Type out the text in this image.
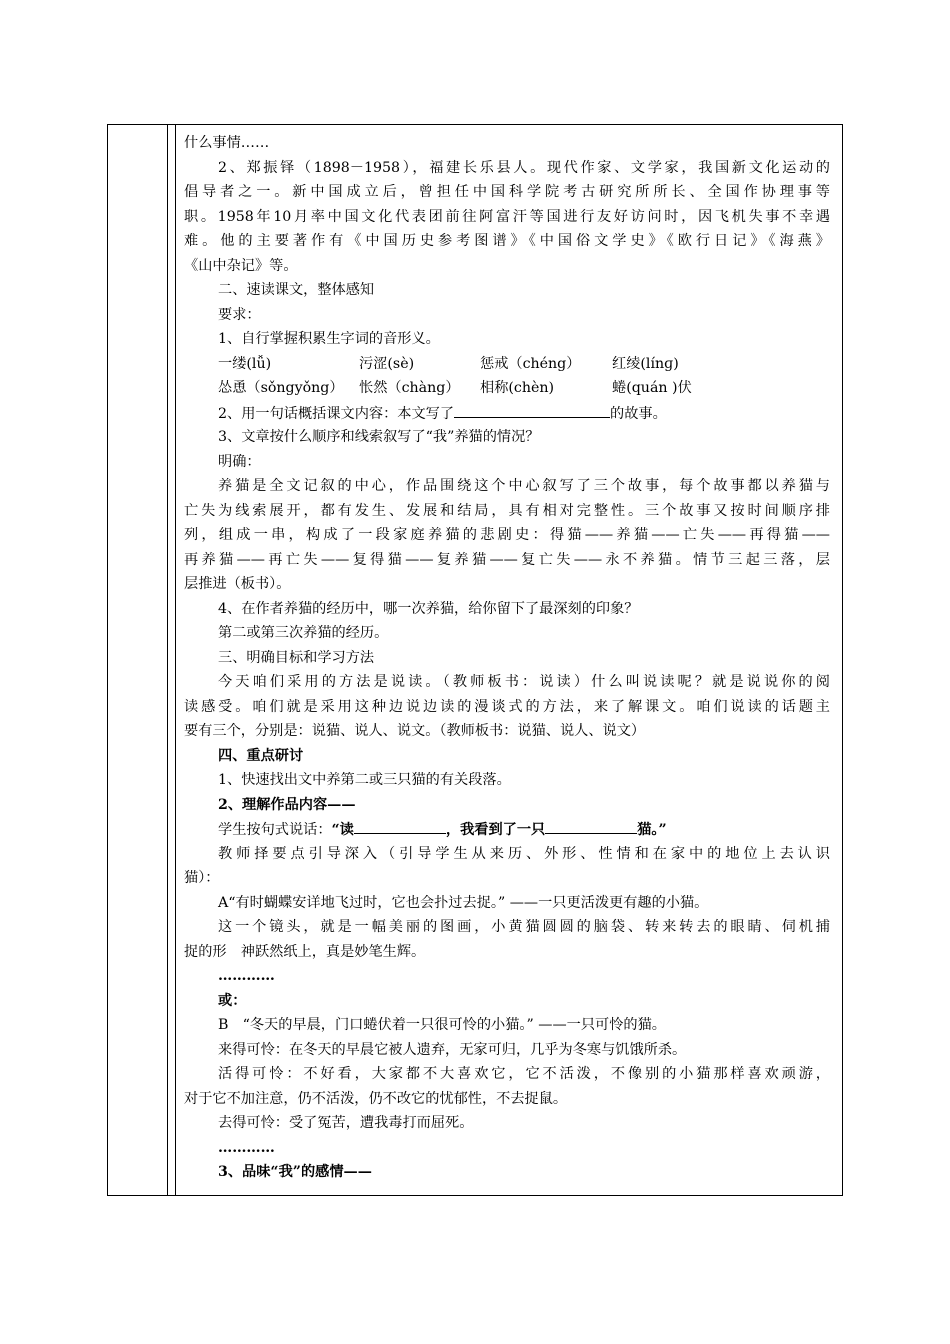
什么事情……
2、郑振铎（1898－1958），福建长乐县人。现代作家、文学家，我国新文化运动的
倡导者之一。新中国成立后，曾担任中国科学院考古研究所所长、全国作协理事等
职。1958年10月率中国文化代表团前往阿富汗等国进行友好访问时，因飞机失事不幸遇
难。他的主要著作有《中国历史参考图谱》《中国俗文学史》《欧行日记》《海燕》
《山中杂记》等。
二、速读课文，整体感知
要求：
1、自行掌握积累生字词的音形义。
一缕(lǚ)	污涩(sè)	惩戒（chéng） 红绫(línɡ)
怂恿（sǒngyǒng） 怅然（chàng） 相称(chèn)	蜷(quán )伏
2、用一句话概括课文内容：本文写了	的故事。
3、文章按什么顺序和线索叙写了“我”养猫的情况？
明确：
养猫是全文记叙的中心，作品围绕这个中心叙写了三个故事，每个故事都以养猫与
亡失为线索展开，都有发生、发展和结局，具有相对完整性。三个故事又按时间顺序排
列，组成一串，构成了一段家庭养猫的悲剧史：得猫——养猫——亡失——再得猫——
再养猫——再亡失——复得猫——复养猫——复亡失——永不养猫。情节三起三落，层
层推进（板书）。
4、在作者养猫的经历中，哪一次养猫，给你留下了最深刻的印象？
第二或第三次养猫的经历。
三、明确目标和学习方法
今天咱们采用的方法是说读。（教师板书：说读）什么叫说读呢？就是说说你的阅
读感受。咱们就是采用这种边说边读的漫谈式的方法，来了解课文。咱们说读的话题主
要有三个，分别是：说猫、说人、说文。（教师板书：说猫、说人、说文）
四、重点研讨
1、快速找出文中养第二或三只猫的有关段落。
2、理解作品内容——
学生按句式说话：“读	，我看到了一只	猫。”
教师择要点引导深入（引导学生从来历、外形、性情和在家中的地位上去认识
猫）：
A“有时蝴蝶安详地飞过时，它也会扑过去捉。” ——一只更活泼更有趣的小猫。
这一个镜头，就是一幅美丽的图画，小黄猫圆圆的脑袋、转来转去的眼睛、伺机捕
捉的形　神跃然纸上，真是妙笔生辉。
…………
或：
B　“冬天的早晨，门口蜷伏着一只很可怜的小猫。” ——一只可怜的猫。
来得可怜：在冬天的早晨它被人遗弃，无家可归，几乎为冬寒与饥饿所杀。
活得可怜：不好看，大家都不大喜欢它，它不活泼，不像别的小猫那样喜欢顽游，
对于它不加注意，仍不活泼，仍不改它的忧郁性，不去捉鼠。
去得可怜：受了冤苦，遭我毒打而屈死。
…………
3、品味“我”的感情——
